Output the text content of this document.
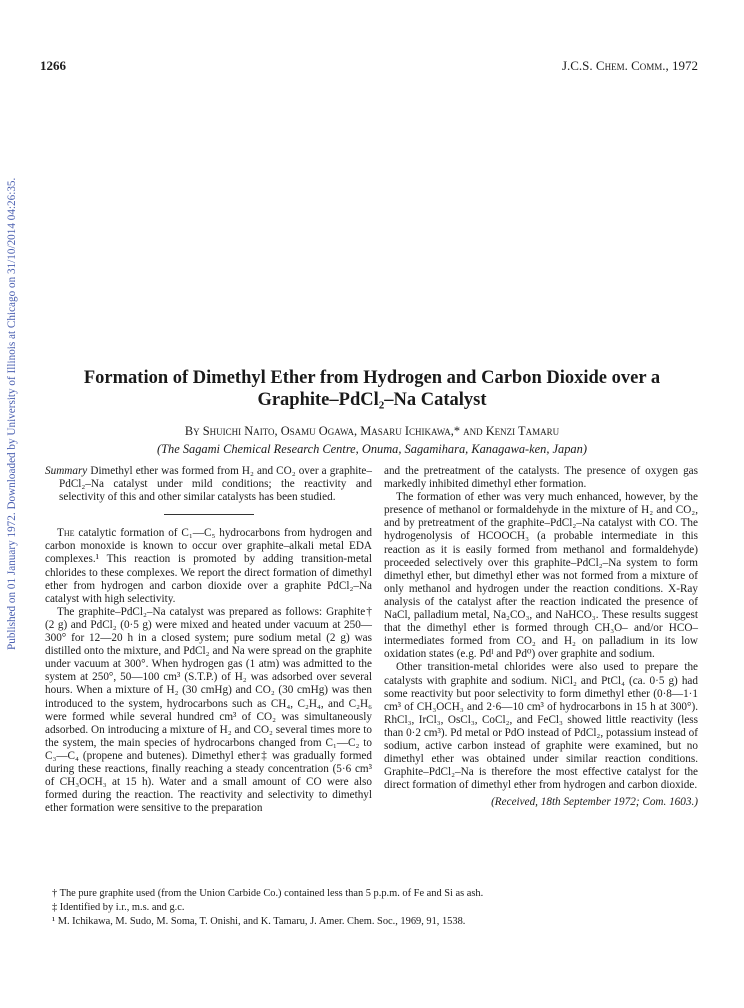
Published on 01 January 1972. Downloaded by University of Illinois at Chicago on 31/10/2014 04:26:35.
1266	J.C.S. Chem. Comm., 1972
Formation of Dimethyl Ether from Hydrogen and Carbon Dioxide over a Graphite–PdCl₂–Na Catalyst
By Shuichi Naito, Osamu Ogawa, Masaru Ichikawa,* and Kenzi Tamaru
(The Sagami Chemical Research Centre, Onuma, Sagamihara, Kanagawa-ken, Japan)

Summary Dimethyl ether was formed from H₂ and CO₂ over a graphite–PdCl₂–Na catalyst under mild conditions; the reactivity and selectivity of this and other similar catalysts has been studied.

The catalytic formation of C₁—C₅ hydrocarbons from hydrogen and carbon monoxide is known to occur over graphite–alkali metal EDA complexes.¹ This reaction is promoted by adding transition-metal chlorides to these complexes. We report the direct formation of dimethyl ether from hydrogen and carbon dioxide over a graphite PdCl₂–Na catalyst with high selectivity.

The graphite–PdCl₂–Na catalyst was prepared as follows: Graphite† (2 g) and PdCl₂ (0·5 g) were mixed and heated under vacuum at 250—300° for 12—20 h in a closed system; pure sodium metal (2 g) was distilled onto the mixture, and PdCl₂ and Na were spread on the graphite under vacuum at 300°. When hydrogen gas (1 atm) was admitted to the system at 250°, 50—100 cm³ (S.T.P.) of H₂ was adsorbed over several hours. When a mixture of H₂ (30 cmHg) and CO₂ (30 cmHg) was then introduced to the system, hydrocarbons such as CH₄, C₂H₄, and C₂H₆ were formed while several hundred cm³ of CO₂ was simultaneously adsorbed. On introducing a mixture of H₂ and CO₂ several times more to the system, the main species of hydrocarbons changed from C₁—C₂ to C₃—C₄ (propene and butenes). Dimethyl ether‡ was gradually formed during these reactions, finally reaching a steady concentration (5·6 cm³ of CH₃OCH₃ at 15 h). Water and a small amount of CO were also formed during the reaction. The reactivity and selectivity to dimethyl ether formation were sensitive to the preparation

and the pretreatment of the catalysts. The presence of oxygen gas markedly inhibited dimethyl ether formation.

The formation of ether was very much enhanced, however, by the presence of methanol or formaldehyde in the mixture of H₂ and CO₂, and by pretreatment of the graphite–PdCl₂–Na catalyst with CO. The hydrogenolysis of HCOOCH₃ (a probable intermediate in this reaction as it is easily formed from methanol and formaldehyde) proceeded selectively over this graphite–PdCl₂–Na system to form dimethyl ether, but dimethyl ether was not formed from a mixture of only methanol and hydrogen under the reaction conditions. X-Ray analysis of the catalyst after the reaction indicated the presence of NaCl, palladium metal, Na₂CO₃, and NaHCO₃. These results suggest that the dimethyl ether is formed through CH₃O– and/or HCO–intermediates formed from CO₂ and H₂ on palladium in its low oxidation states (e.g. Pdᴵ and Pd⁰) over graphite and sodium.

Other transition-metal chlorides were also used to prepare the catalysts with graphite and sodium. NiCl₂ and PtCl₄ (ca. 0·5 g) had some reactivity but poor selectivity to form dimethyl ether (0·8—1·1 cm³ of CH₃OCH₃ and 2·6—10 cm³ of hydrocarbons in 15 h at 300°). RhCl₃, IrCl₃, OsCl₃, CoCl₂, and FeCl₃ showed little reactivity (less than 0·2 cm³). Pd metal or PdO instead of PdCl₂, potassium instead of sodium, active carbon instead of graphite were examined, but no dimethyl ether was obtained under similar reaction conditions. Graphite–PdCl₂–Na is therefore the most effective catalyst for the direct formation of dimethyl ether from hydrogen and carbon dioxide.

(Received, 18th September 1972; Com. 1603.)

† The pure graphite used (from the Union Carbide Co.) contained less than 5 p.p.m. of Fe and Si as ash.

‡ Identified by i.r., m.s. and g.c.

¹ M. Ichikawa, M. Sudo, M. Soma, T. Onishi, and K. Tamaru, J. Amer. Chem. Soc., 1969, 91, 1538.
